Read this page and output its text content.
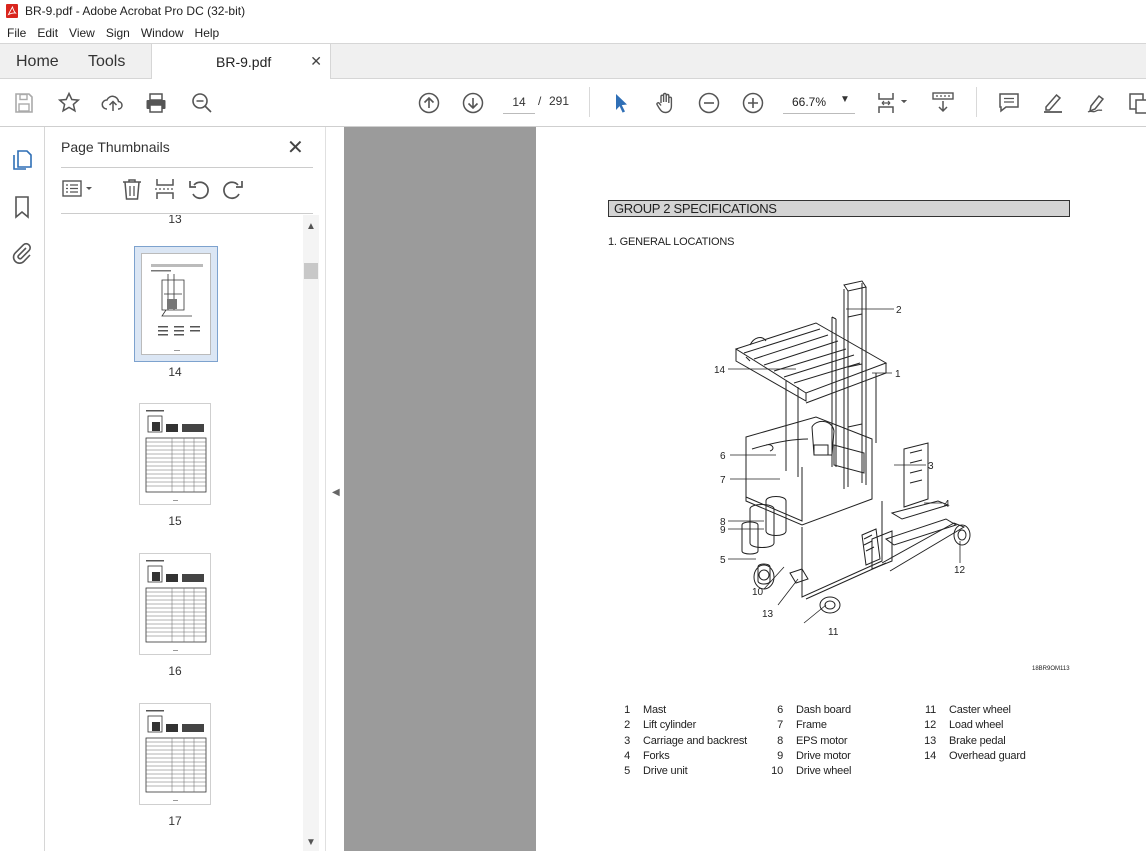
BR-9.pdf - Adobe Acrobat Pro DC (32-bit)
File Edit View Sign Window Help
Home Tools	BR-9.pdf	✕
14
/ 291	66.7% ▼
Page Thumbnails	✕
13
14
15
16
17
▲
▼
◀
GROUP 2 SPECIFICATIONS
1. GENERAL LOCATIONS
2
1
3
4
14
6
7
8
9
5
10
13
11
12
18BR9OM113
1 Mast
2 Lift cylinder
3 Carriage and backrest
4 Forks
5 Drive unit
6 Dash board
7 Frame
8 EPS motor
9 Drive motor
10 Drive wheel
11 Caster wheel
12 Load wheel
13 Brake pedal
14 Overhead guard
